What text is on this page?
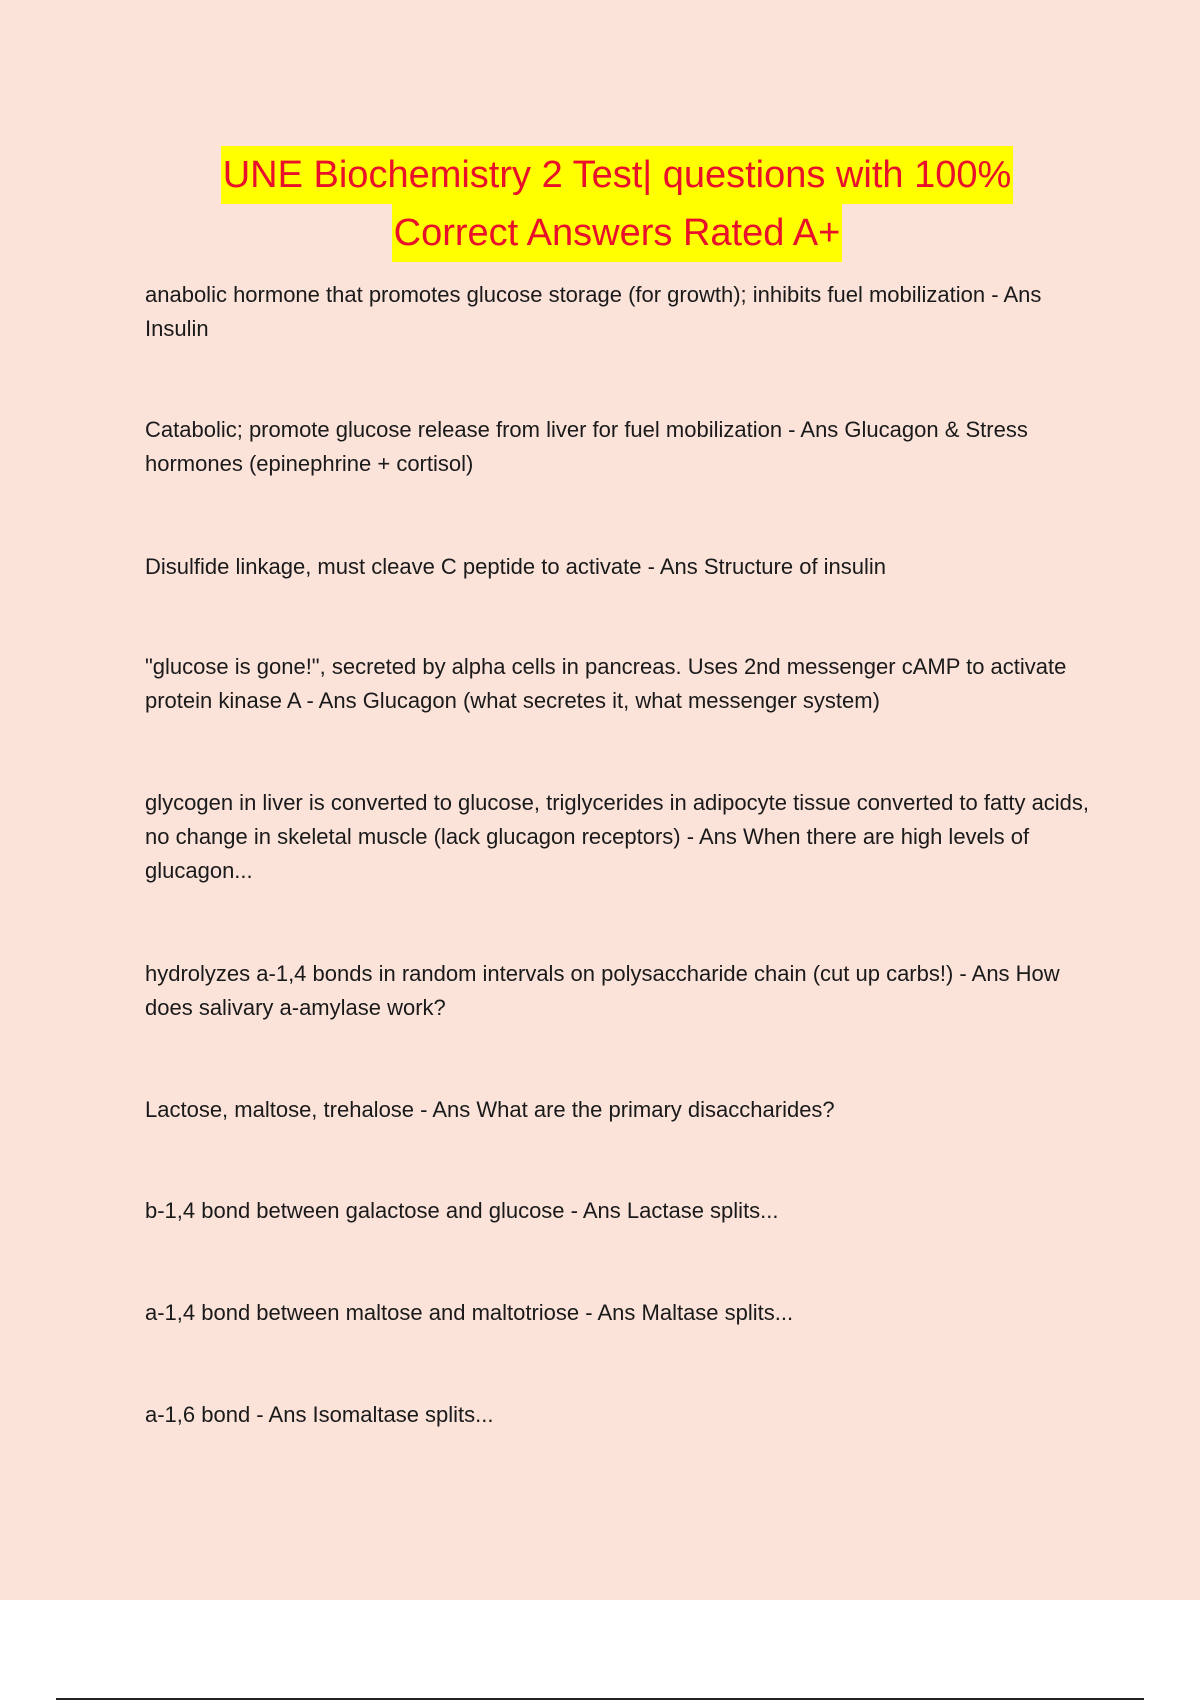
UNE Biochemistry 2 Test| questions with 100%
Correct Answers Rated A+
anabolic hormone that promotes glucose storage (for growth); inhibits fuel mobilization - Ans Insulin
Catabolic; promote glucose release from liver for fuel mobilization - Ans Glucagon & Stress hormones (epinephrine + cortisol)
Disulfide linkage, must cleave C peptide to activate - Ans Structure of insulin
"glucose is gone!", secreted by alpha cells in pancreas. Uses 2nd messenger cAMP to activate protein kinase A - Ans Glucagon (what secretes it, what messenger system)
glycogen in liver is converted to glucose, triglycerides in adipocyte tissue converted to fatty acids, no change in skeletal muscle (lack glucagon receptors) - Ans When there are high levels of glucagon...
hydrolyzes a-1,4 bonds in random intervals on polysaccharide chain (cut up carbs!) - Ans How does salivary a-amylase work?
Lactose, maltose, trehalose - Ans What are the primary disaccharides?
b-1,4 bond between galactose and glucose - Ans Lactase splits...
a-1,4 bond between maltose and maltotriose - Ans Maltase splits...
a-1,6 bond - Ans Isomaltase splits...
